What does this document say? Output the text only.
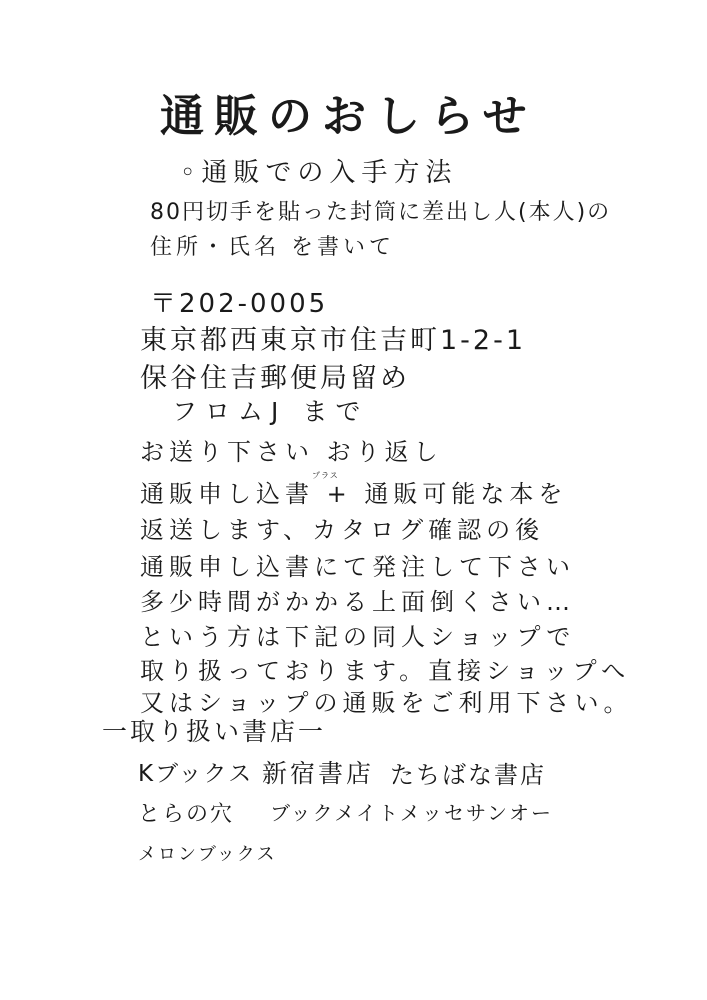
通販のおしらせ
◦通販での入手方法
80円切手を貼った封筒に差出し人(本人)の
住所・氏名 を書いて
〒202-0005
東京都西東京市住吉町1-2-1
保谷住吉郵便局留め
フロムJ まで
お送り下さい おり返し
プラス
通販申し込書 + 通販可能な本を
返送します、カタログ確認の後
通販申し込書にて発注して下さい
多少時間がかかる上面倒くさい…
という方は下記の同人ショップで
取り扱っております。直接ショップへ
又はショップの通販をご利用下さい。
一取り扱い書店一
Kブックス 新宿書店 たちばな書店
とらの穴 ブックメイト メッセサンオー
メロンブックス
